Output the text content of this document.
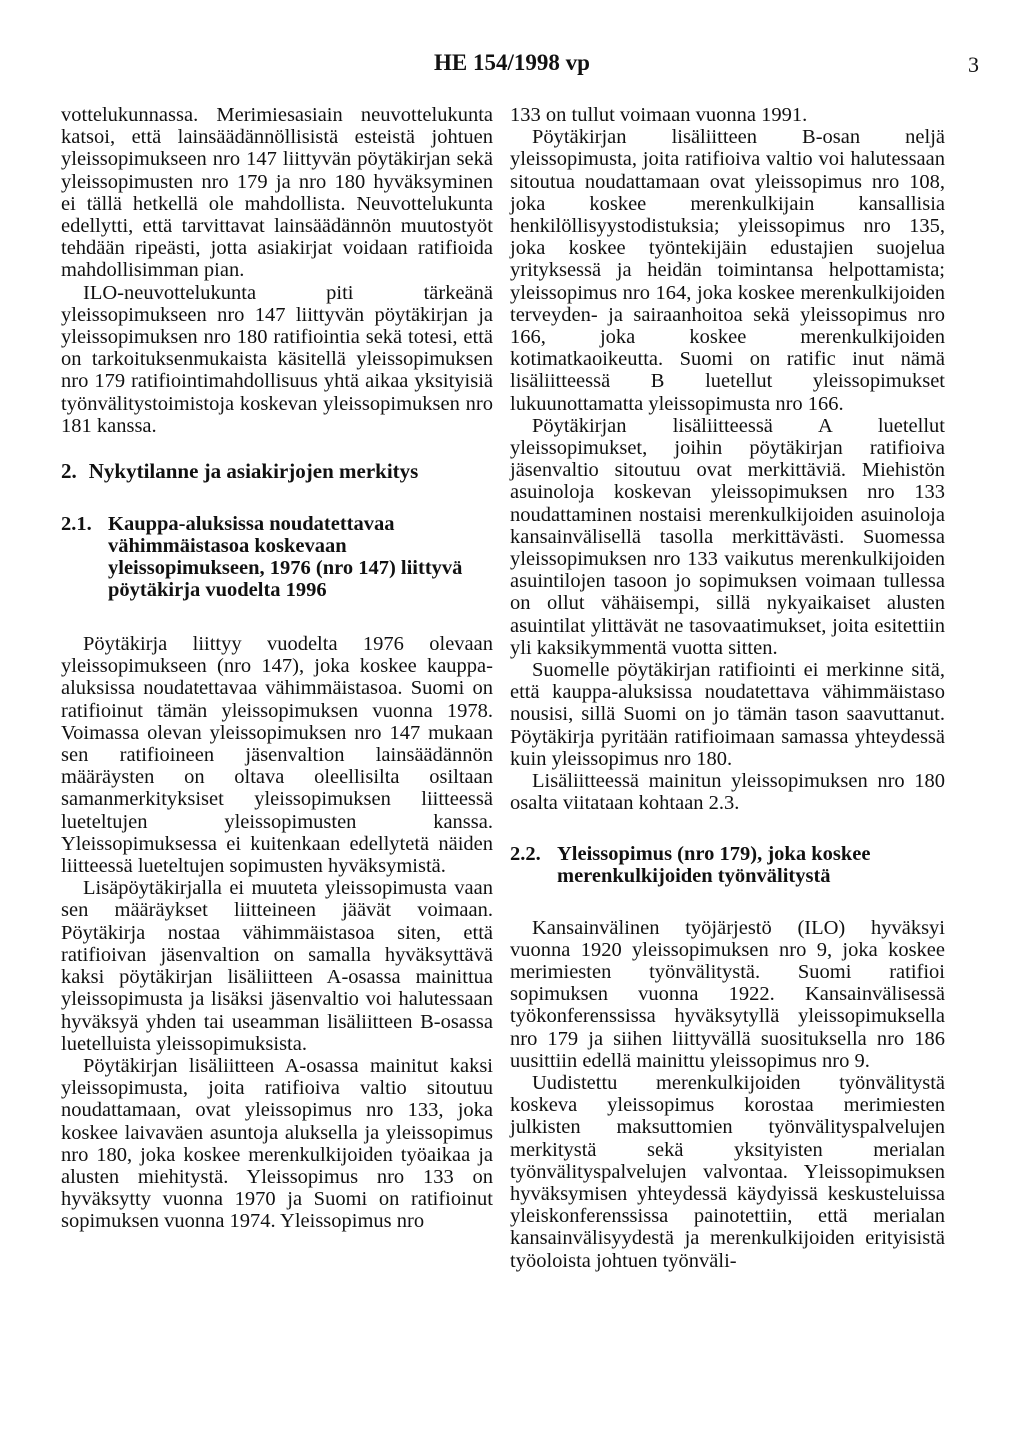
HE 154/1998 vp	3

vottelukunnassa. Merimiesasiain neuvottelukunta katsoi, että lainsäädännöllisistä esteistä johtuen yleissopimukseen nro 147 liittyvän pöytäkirjan sekä yleissopimusten nro 179 ja nro 180 hyväksyminen ei tällä hetkellä ole mahdollista. Neuvottelukunta edellytti, että tarvittavat lainsäädännön muutostyöt tehdään ripeästi, jotta asiakirjat voidaan ratifioida mahdollisimman pian.

ILO-neuvottelukunta piti tärkeänä yleissopimukseen nro 147 liittyvän pöytäkirjan ja yleissopimuksen nro 180 ratifiointia sekä totesi, että on tarkoituksenmukaista käsitellä yleissopimuksen nro 179 ratifiointimahdollisuus yhtä aikaa yksityisiä työnvälitystoimistoja koskevan yleissopimuksen nro 181 kanssa.

2. Nykytilanne ja asiakirjojen merkitys
2.1. Kauppa-aluksissa noudatettavaa vähimmäistasoa koskevaan yleissopimukseen, 1976 (nro 147) liittyvä pöytäkirja vuodelta 1996

Pöytäkirja liittyy vuodelta 1976 olevaan yleissopimukseen (nro 147), joka koskee kauppa-aluksissa noudatettavaa vähimmäistasoa. Suomi on ratifioinut tämän yleissopimuksen vuonna 1978. Voimassa olevan yleissopimuksen nro 147 mukaan sen ratifioineen jäsenvaltion lainsäädännön määräysten on oltava oleellisilta osiltaan samanmerkityksiset yleissopimuksen liitteessä lueteltujen yleissopimusten kanssa. Yleissopimuksessa ei kuitenkaan edellytetä näiden liitteessä lueteltujen sopimusten hyväksymistä.

Lisäpöytäkirjalla ei muuteta yleissopimusta vaan sen määräykset liitteineen jäävät voimaan. Pöytäkirja nostaa vähimmäistasoa siten, että ratifioivan jäsenvaltion on samalla hyväksyttävä kaksi pöytäkirjan lisäliitteen A-osassa mainittua yleissopimusta ja lisäksi jäsenvaltio voi halutessaan hyväksyä yhden tai useamman lisäliitteen B-osassa luetelluista yleissopimuksista.

Pöytäkirjan lisäliitteen A-osassa mainitut kaksi yleissopimusta, joita ratifioiva valtio sitoutuu noudattamaan, ovat yleissopimus nro 133, joka koskee laivaväen asuntoja aluksella ja yleissopimus nro 180, joka koskee merenkulkijoiden työaikaa ja alusten miehitystä. Yleissopimus nro 133 on hyväksytty vuonna 1970 ja Suomi on ratifioinut sopimuksen vuonna 1974. Yleissopimus nro

133 on tullut voimaan vuonna 1991.

Pöytäkirjan lisäliitteen B-osan neljä yleissopimusta, joita ratifioiva valtio voi halutessaan sitoutua noudattamaan ovat yleissopimus nro 108, joka koskee merenkulkijain kansallisia henkilöllisyystodistuksia; yleissopimus nro 135, joka koskee työntekijäin edustajien suojelua yrityksessä ja heidän toimintansa helpottamista; yleissopimus nro 164, joka koskee merenkulkijoiden terveyden- ja sairaanhoitoa sekä yleissopimus nro 166, joka koskee merenkulkijoiden kotimatkaoikeutta. Suomi on ratific inut nämä lisäliitteessä B luetellut yleissopimukset lukuunottamatta yleissopimusta nro 166.

Pöytäkirjan lisäliitteessä A luetellut yleissopimukset, joihin pöytäkirjan ratifioiva jäsenvaltio sitoutuu ovat merkittäviä. Miehistön asuinoloja koskevan yleissopimuksen nro 133 noudattaminen nostaisi merenkulkijoiden asuinoloja kansainvälisellä tasolla merkittävästi. Suomessa yleissopimuksen nro 133 vaikutus merenkulkijoiden asuintilojen tasoon jo sopimuksen voimaan tullessa on ollut vähäisempi, sillä nykyaikaiset alusten asuintilat ylittävät ne tasovaatimukset, joita esitettiin yli kaksikymmentä vuotta sitten.

Suomelle pöytäkirjan ratifiointi ei merkinne sitä, että kauppa-aluksissa noudatettava vähimmäistaso nousisi, sillä Suomi on jo tämän tason saavuttanut. Pöytäkirja pyritään ratifioimaan samassa yhteydessä kuin yleissopimus nro 180.

Lisäliitteessä mainitun yleissopimuksen nro 180 osalta viitataan kohtaan 2.3.

2.2. Yleissopimus (nro 179), joka koskee merenkulkijoiden työnvälitystä

Kansainvälinen työjärjestö (ILO) hyväksyi vuonna 1920 yleissopimuksen nro 9, joka koskee merimiesten työnvälitystä. Suomi ratifioi sopimuksen vuonna 1922. Kansainvälisessä työkonferenssissa hyväksytyllä yleissopimuksella nro 179 ja siihen liittyvällä suosituksella nro 186 uusittiin edellä mainittu yleissopimus nro 9.

Uudistettu merenkulkijoiden työnvälitystä koskeva yleissopimus korostaa merimiesten julkisten maksuttomien työnvälityspalvelujen merkitystä sekä yksityisten merialan työnvälityspalvelujen valvontaa. Yleissopimuksen hyväksymisen yhteydessä käydyissä keskusteluissa yleiskonferenssissa painotettiin, että merialan kansainvälisyydestä ja merenkulkijoiden erityisistä työoloista johtuen työnväli-
